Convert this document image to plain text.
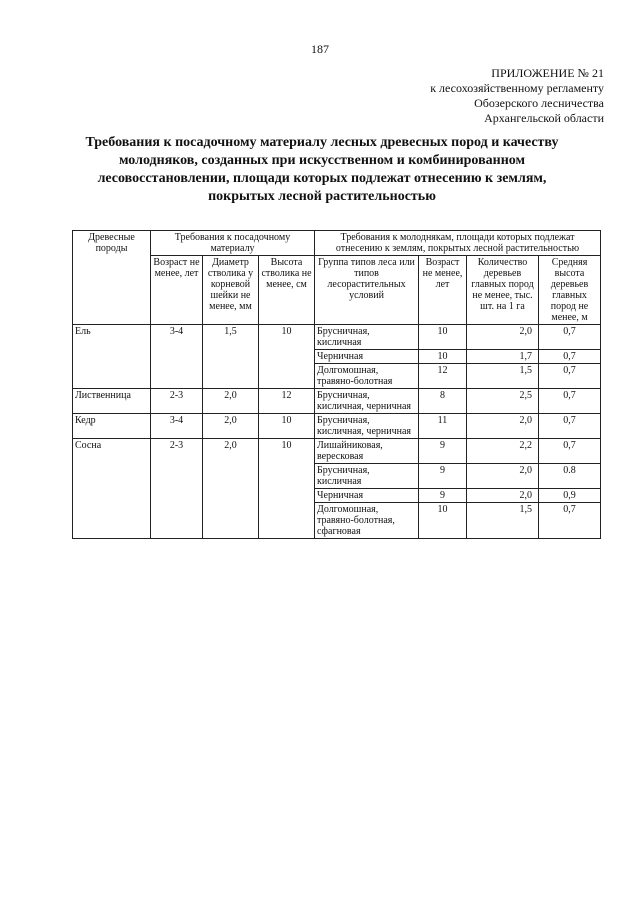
187
ПРИЛОЖЕНИЕ № 21
к лесохозяйственному регламенту
Обозерского лесничества
Архангельской области
Требования к посадочному материалу лесных древесных пород и качеству молодняков, созданных при искусственном и комбинированном лесовосстановлении, площади которых подлежат отнесению к землям, покрытых лесной растительностью
Древесные породы	Требования к посадочному материалу			Требования к молоднякам, площади которых подлежат отнесению к землям, покрытых лесной растительностью			
	Возраст не менее, лет	Диаметр стволика у корневой шейки не менее, мм	Высота стволика не менее, см	Группа типов леса или типов лесорастительных условий	Возраст не менее, лет	Количество деревьев главных пород не менее, тыс. шт. на 1 га	Средняя высота деревьев главных пород не менее, м
Ель	3-4	1,5	10	Брусничная, кисличная	10	2,0	0,7
				Черничная	10	1,7	0,7
				Долгомошная, травяно-болотная	12	1,5	0,7
Лиственница	2-3	2,0	12	Брусничная, кисличная, черничная	8	2,5	0,7
Кедр	3-4	2,0	10	Брусничная, кисличная, черничная	11	2,0	0,7
Сосна	2-3	2,0	10	Лишайниковая, вересковая	9	2,2	0,7
				Брусничная, кисличная	9	2,0	0.8
				Черничная	9	2,0	0,9
				Долгомошная, травяно-болотная, сфагновая	10	1,5	0,7
